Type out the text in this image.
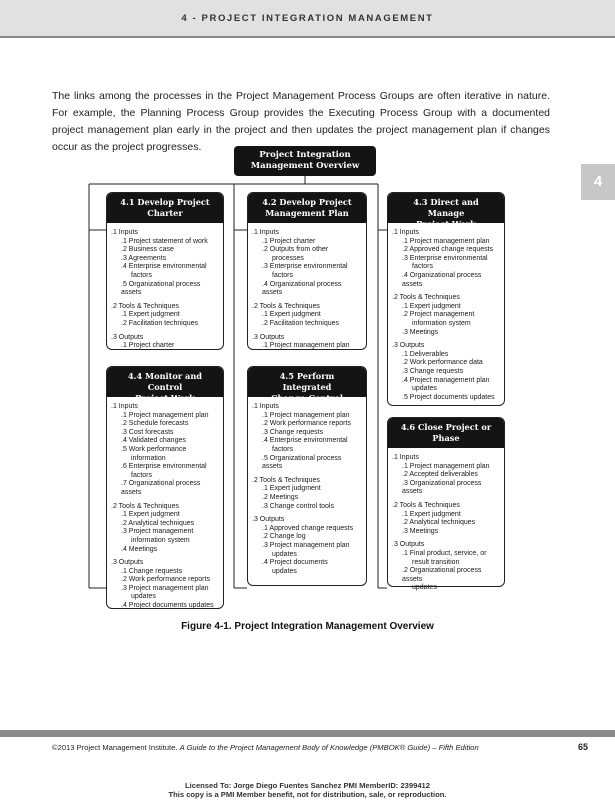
4 - PROJECT INTEGRATION MANAGEMENT
4

The links among the processes in the Project Management Process Groups are often iterative in nature. For example, the Planning Process Group provides the Executing Process Group with a documented project management plan early in the project and then updates the project management plan if changes occur as the project progresses.

Project Integration
Management Overview
4.1 Develop Project
Charter
.1 Inputs
.1 Project statement of work
.2 Business case
.3 Agreements
.4 Enterprise environmental
factors
.5 Organizational process assets
.2 Tools & Techniques
.1 Expert judgment
.2 Facilitation techniques
.3 Outputs
.1 Project charter
4.2 Develop Project
Management Plan
.1 Inputs
.1 Project charter
.2 Outputs from other
processes
.3 Enterprise environmental
factors
.4 Organizational process assets
.2 Tools & Techniques
.1 Expert judgment
.2 Facilitation techniques
.3 Outputs
.1 Project management plan
4.3 Direct and Manage
Project Work
.1 Inputs
.1 Project management plan
.2 Approved change requests
.3 Enterprise environmental
factors
.4 Organizational process assets
.2 Tools & Techniques
.1 Expert judgment
.2 Project management
information system
.3 Meetings
.3 Outputs
.1 Deliverables
.2 Work performance data
.3 Change requests
.4 Project management plan
updates
.5 Project documents updates
4.4 Monitor and Control
Project Work
.1 Inputs
.1 Project management plan
.2 Schedule forecasts
.3 Cost forecasts
.4 Validated changes
.5 Work performance
information
.6 Enterprise environmental
factors
.7 Organizational process assets
.2 Tools & Techniques
.1 Expert judgment
.2 Analytical techniques
.3 Project management
information system
.4 Meetings
.3 Outputs
.1 Change requests
.2 Work performance reports
.3 Project management plan
updates
.4 Project documents updates
4.5 Perform Integrated
Change Control
.1 Inputs
.1 Project management plan
.2 Work performance reports
.3 Change requests
.4 Enterprise environmental
factors
.5 Organizational process assets
.2 Tools & Techniques
.1 Expert judgment
.2 Meetings
.3 Change control tools
.3 Outputs
.1 Approved change requests
.2 Change log
.3 Project management plan
updates
.4 Project documents
updates
4.6 Close Project or
Phase
.1 Inputs
.1 Project management plan
.2 Accepted deliverables
.3 Organizational process assets
.2 Tools & Techniques
.1 Expert judgment
.2 Analytical techniques
.3 Meetings
.3 Outputs
.1 Final product, service, or
result transition
.2 Organizational process assets
updates
Figure 4-1. Project Integration Management Overview
©2013 Project Management Institute. A Guide to the Project Management Body of Knowledge (PMBOK® Guide) – Fifth Edition	65
Licensed To: Jorge Diego Fuentes Sanchez PMI MemberID: 2399412
This copy is a PMI Member benefit, not for distribution, sale, or reproduction.
